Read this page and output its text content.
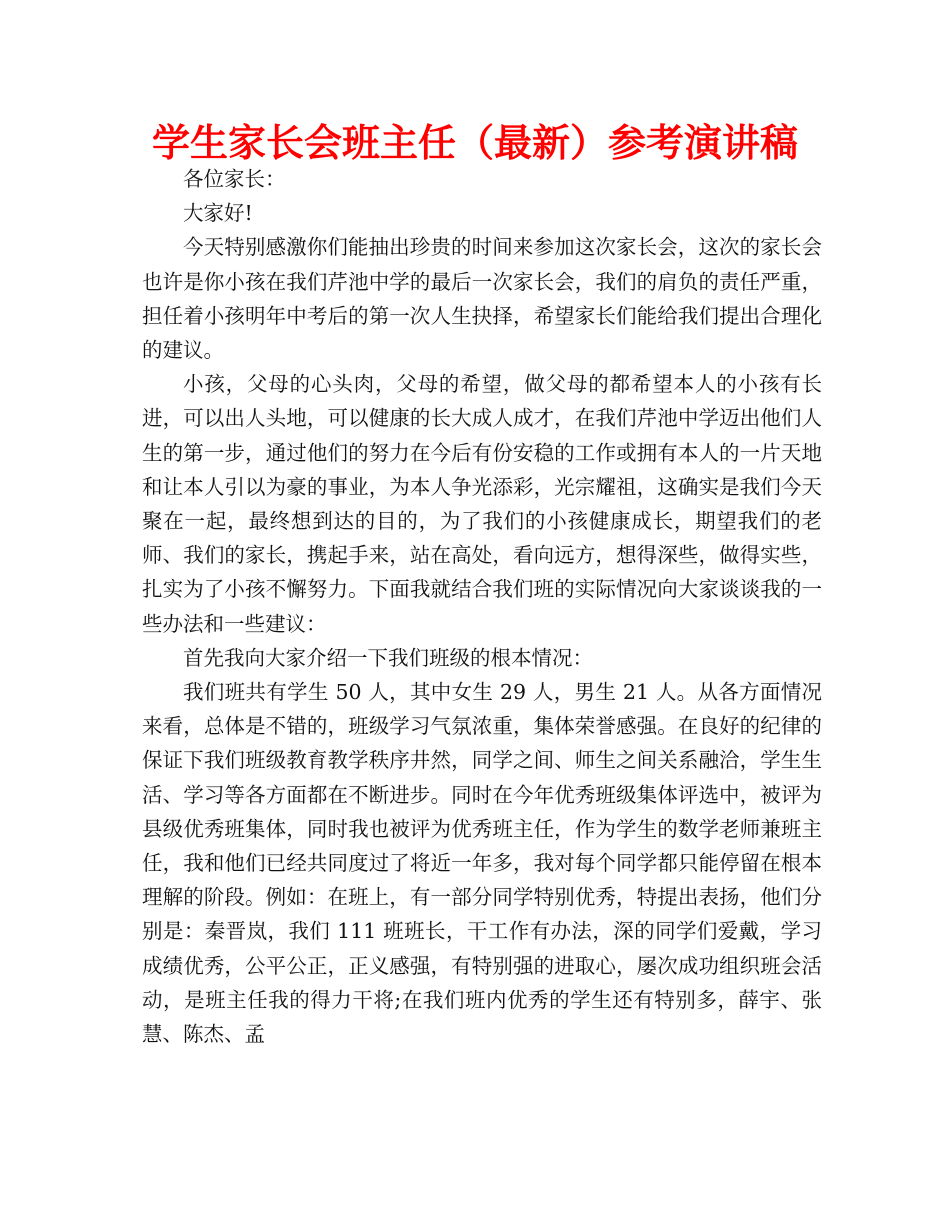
学生家长会班主任（最新）参考演讲稿

各位家长：

大家好!

今天特别感激你们能抽出珍贵的时间来参加这次家长会，这次的家长会也许是你小孩在我们芹池中学的最后一次家长会，我们的肩负的责任严重，担任着小孩明年中考后的第一次人生抉择，希望家长们能给我们提出合理化的建议。

小孩，父母的心头肉，父母的希望，做父母的都希望本人的小孩有长进，可以出人头地，可以健康的长大成人成才，在我们芹池中学迈出他们人生的第一步，通过他们的努力在今后有份安稳的工作或拥有本人的一片天地和让本人引以为豪的事业，为本人争光添彩，光宗耀祖，这确实是我们今天聚在一起，最终想到达的目的，为了我们的小孩健康成长，期望我们的老师、我们的家长，携起手来，站在高处，看向远方，想得深些，做得实些，扎实为了小孩不懈努力。下面我就结合我们班的实际情况向大家谈谈我的一些办法和一些建议：

首先我向大家介绍一下我们班级的根本情况：

我们班共有学生 50 人，其中女生 29 人，男生 21 人。从各方面情况来看，总体是不错的，班级学习气氛浓重，集体荣誉感强。在良好的纪律的保证下我们班级教育教学秩序井然，同学之间、师生之间关系融洽，学生生活、学习等各方面都在不断进步。同时在今年优秀班级集体评选中，被评为县级优秀班集体，同时我也被评为优秀班主任，作为学生的数学老师兼班主任，我和他们已经共同度过了将近一年多，我对每个同学都只能停留在根本理解的阶段。例如：在班上，有一部分同学特别优秀，特提出表扬，他们分别是：秦晋岚，我们 111 班班长，干工作有办法，深的同学们爱戴，学习成绩优秀，公平公正，正义感强，有特别强的进取心，屡次成功组织班会活动，是班主任我的得力干将;在我们班内优秀的学生还有特别多，薛宇、张慧、陈杰、孟
